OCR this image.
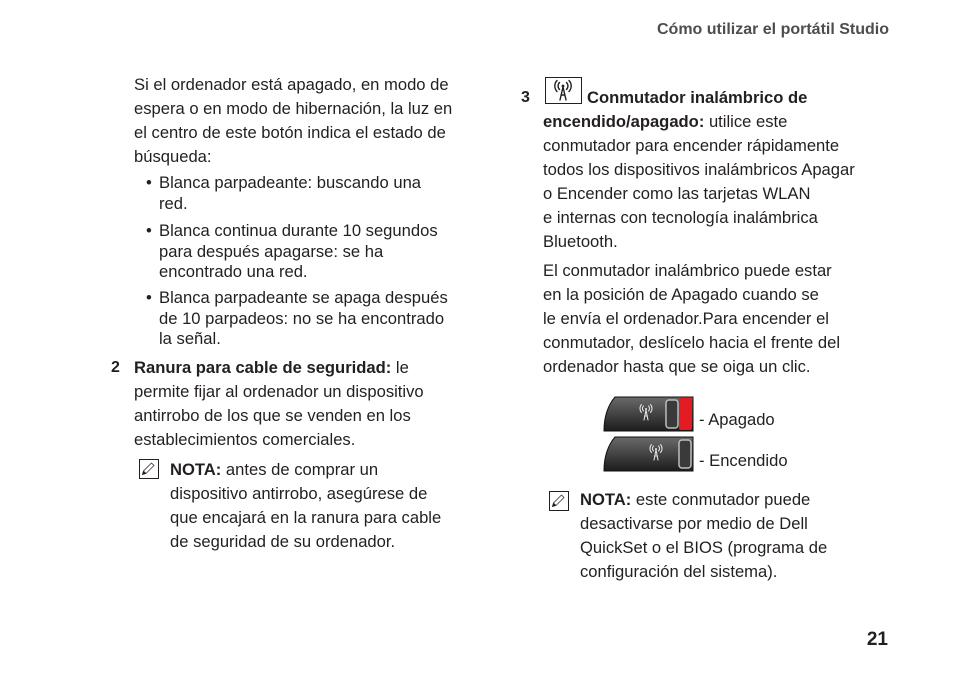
Cómo utilizar el portátil Studio
Si el ordenador está apagado, en modo de
espera o en modo de hibernación, la luz en
el centro de este botón indica el estado de
búsqueda:
• Blanca parpadeante: buscando una
red.
• Blanca continua durante 10 segundos
para después apagarse: se ha
encontrado una red.
• Blanca parpadeante se apaga después
de 10 parpadeos: no se ha encontrado
la señal.
2 Ranura para cable de seguridad: le
permite fijar al ordenador un dispositivo
antirrobo de los que se venden en los
establecimientos comerciales.
NOTA: antes de comprar un
dispositivo antirrobo, asegúrese de
que encajará en la ranura para cable
de seguridad de su ordenador.
3	Conmutador inalámbrico de
encendido/apagado: utilice este
conmutador para encender rápidamente
todos los dispositivos inalámbricos Apagar
o Encender como las tarjetas WLAN
e internas con tecnología inalámbrica
Bluetooth.
El conmutador inalámbrico puede estar
en la posición de Apagado cuando se
le envía el ordenador.Para encender el
conmutador, deslícelo hacia el frente del
ordenador hasta que se oiga un clic.
- Apagado
- Encendido
NOTA: este conmutador puede
desactivarse por medio de Dell
QuickSet o el BIOS (programa de
configuración del sistema).
21
